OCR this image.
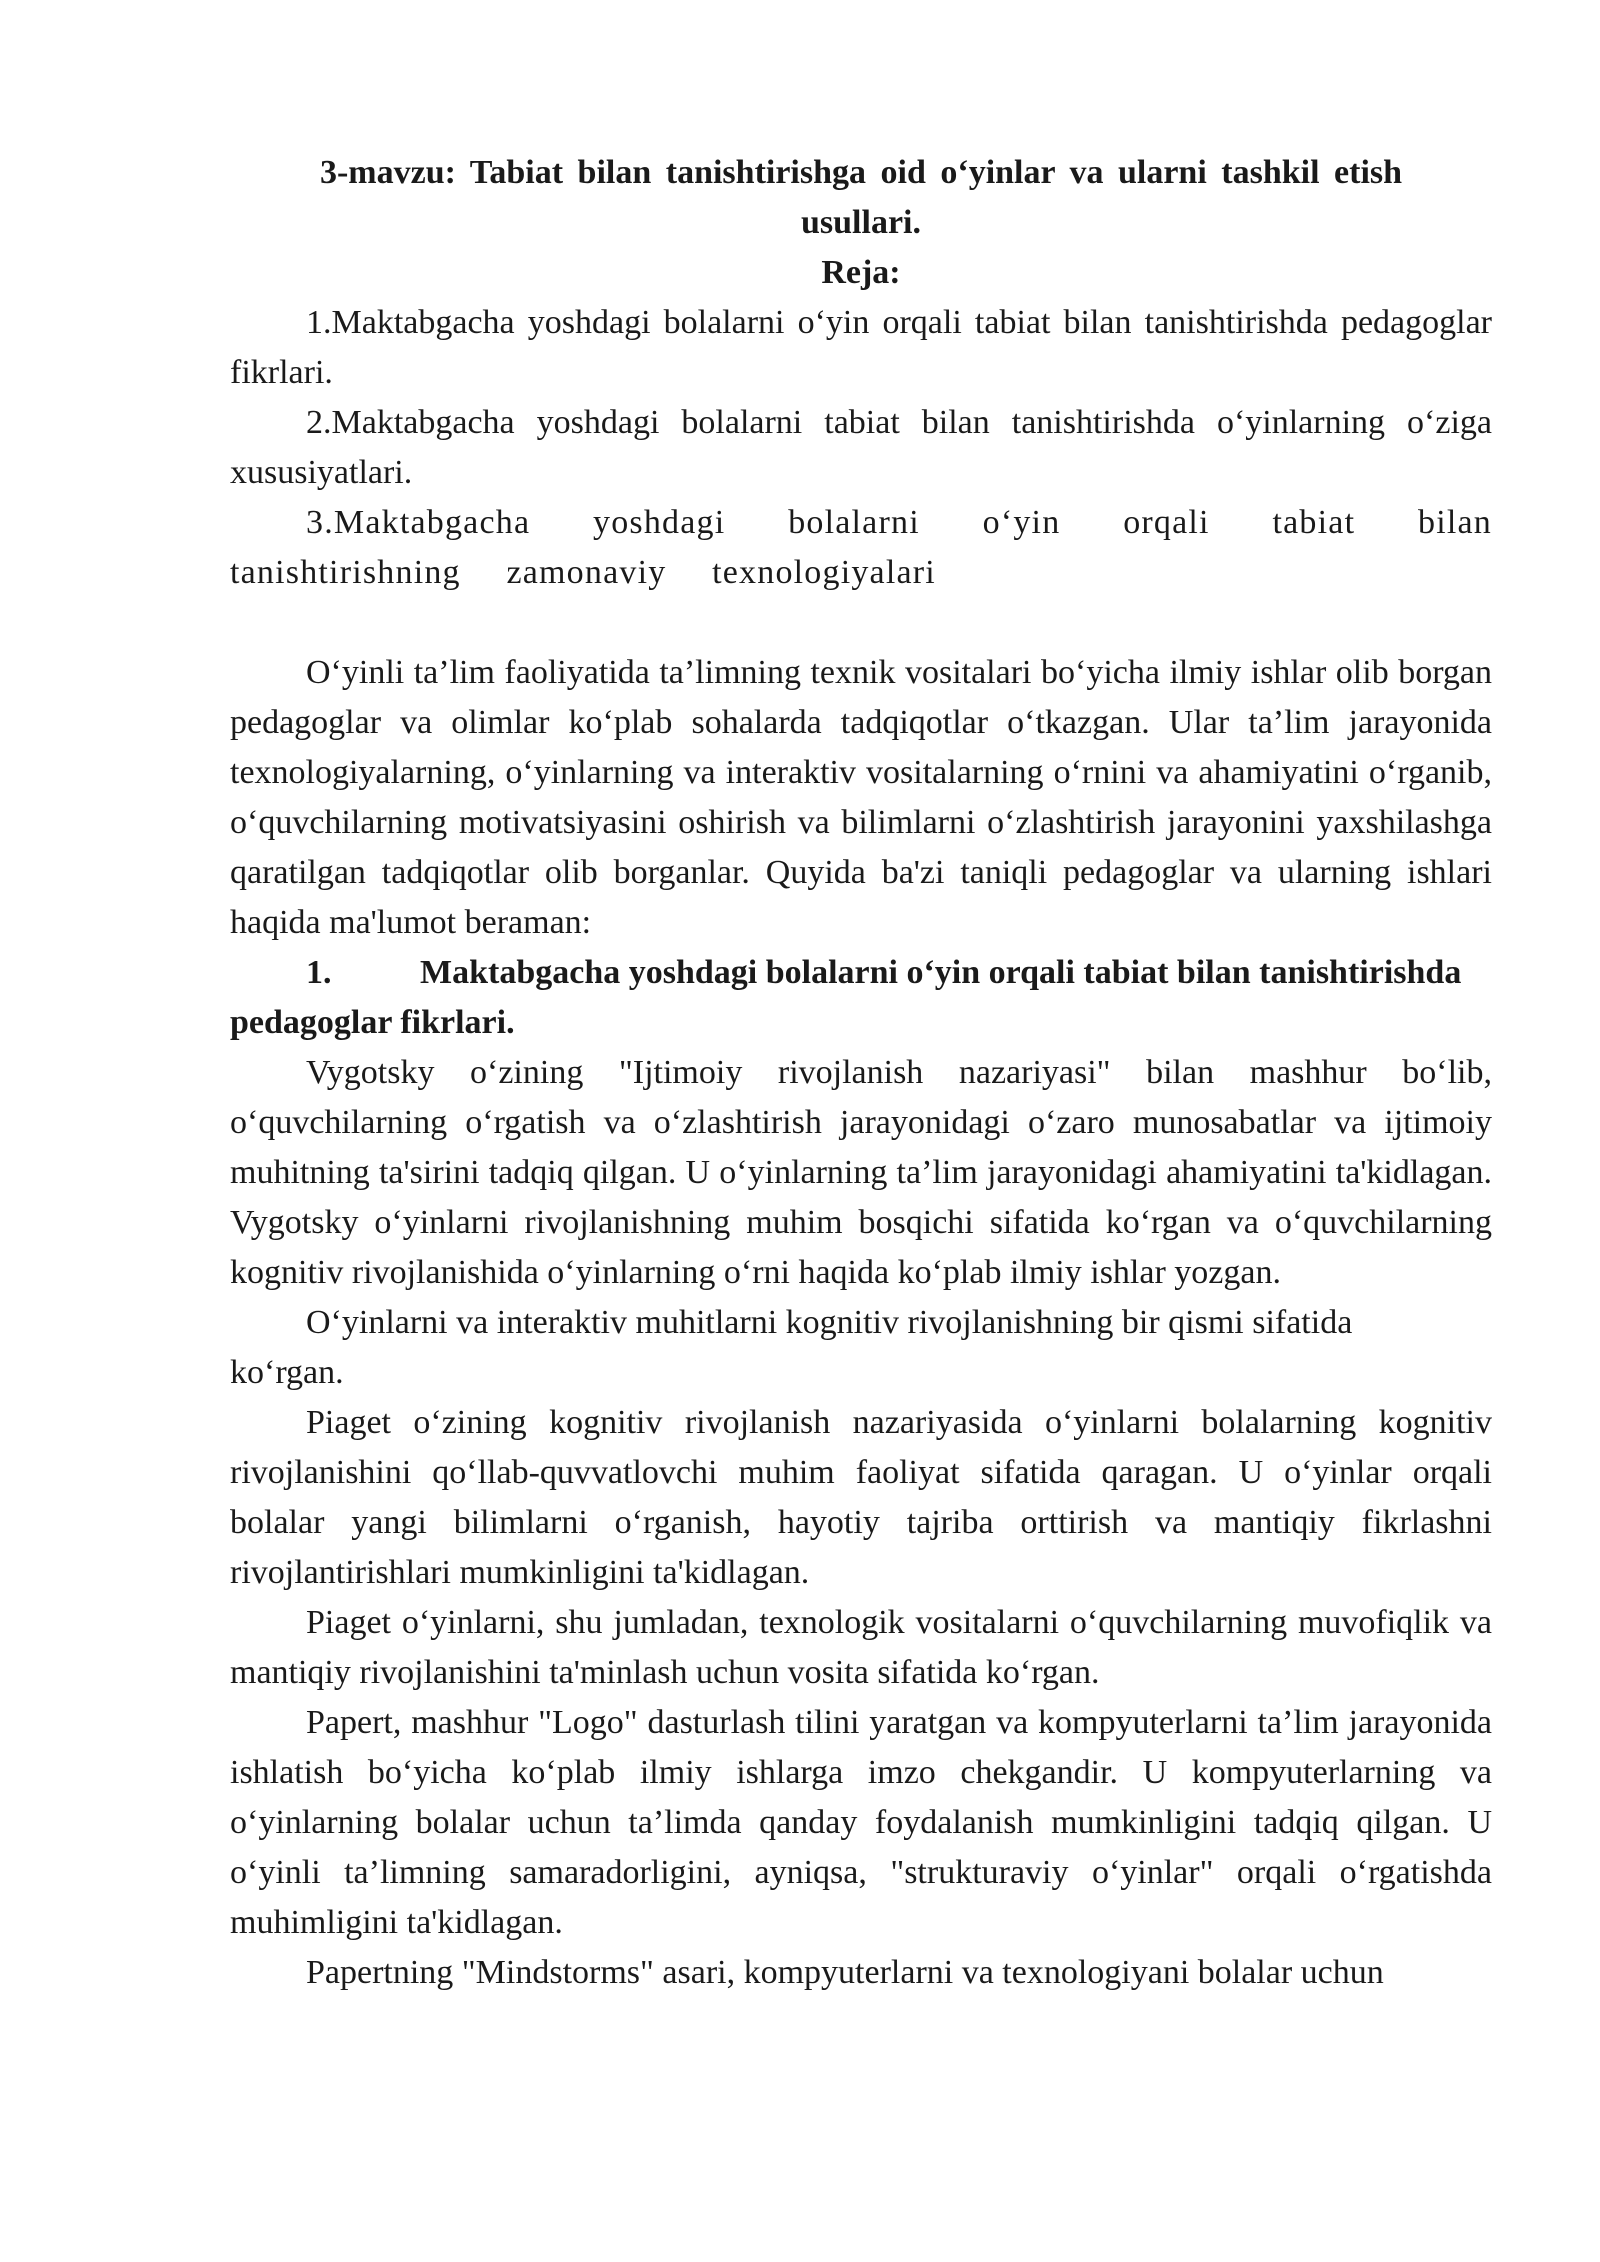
3-mavzu: Tabiat bilan tanishtirishga oid o‘yinlar va ularni tashkil etish usullari.
Reja:

1.Maktabgacha yoshdagi bolalarni o‘yin orqali tabiat bilan tanishtirishda pedagoglar fikrlari.

2.Maktabgacha yoshdagi bolalarni tabiat bilan tanishtirishda o‘yinlarning o‘ziga xususiyatlari.

3.Maktabgacha yoshdagi bolalarni o‘yin orqali tabiat bilan tanishtirishning zamonaviy texnologiyalari

O‘yinli ta’lim faoliyatida ta’limning texnik vositalari bo‘yicha ilmiy ishlar olib borgan pedagoglar va olimlar ko‘plab sohalarda tadqiqotlar o‘tkazgan. Ular ta’lim jarayonida texnologiyalarning, o‘yinlarning va interaktiv vositalarning o‘rnini va ahamiyatini o‘rganib, o‘quvchilarning motivatsiyasini oshirish va bilimlarni o‘zlashtirish jarayonini yaxshilashga qaratilgan tadqiqotlar olib borganlar. Quyida ba'zi taniqli pedagoglar va ularning ishlari haqida ma'lumot beraman:

1.	Maktabgacha yoshdagi bolalarni o‘yin orqali tabiat bilan tanishtirishda pedagoglar fikrlari.

Vygotsky o‘zining "Ijtimoiy rivojlanish nazariyasi" bilan mashhur bo‘lib, o‘quvchilarning o‘rgatish va o‘zlashtirish jarayonidagi o‘zaro munosabatlar va ijtimoiy muhitning ta'sirini tadqiq qilgan. U o‘yinlarning ta’lim jarayonidagi ahamiyatini ta'kidlagan. Vygotsky o‘yinlarni rivojlanishning muhim bosqichi sifatida ko‘rgan va o‘quvchilarning kognitiv rivojlanishida o‘yinlarning o‘rni haqida ko‘plab ilmiy ishlar yozgan.

O‘yinlarni va interaktiv muhitlarni kognitiv rivojlanishning bir qismi sifatida ko‘rgan.

Piaget o‘zining kognitiv rivojlanish nazariyasida o‘yinlarni bolalarning kognitiv rivojlanishini qo‘llab-quvvatlovchi muhim faoliyat sifatida qaragan. U o‘yinlar orqali bolalar yangi bilimlarni o‘rganish, hayotiy tajriba orttirish va mantiqiy fikrlashni rivojlantirishlari mumkinligini ta'kidlagan.

Piaget o‘yinlarni, shu jumladan, texnologik vositalarni o‘quvchilarning muvofiqlik va mantiqiy rivojlanishini ta'minlash uchun vosita sifatida ko‘rgan.

Papert, mashhur "Logo" dasturlash tilini yaratgan va kompyuterlarni ta’lim jarayonida ishlatish bo‘yicha ko‘plab ilmiy ishlarga imzo chekgandir. U kompyuterlarning va o‘yinlarning bolalar uchun ta’limda qanday foydalanish mumkinligini tadqiq qilgan. U o‘yinli ta’limning samaradorligini, ayniqsa, "strukturaviy o‘yinlar" orqali o‘rgatishda muhimligini ta'kidlagan.

Papertning "Mindstorms" asari, kompyuterlarni va texnologiyani bolalar uchun
